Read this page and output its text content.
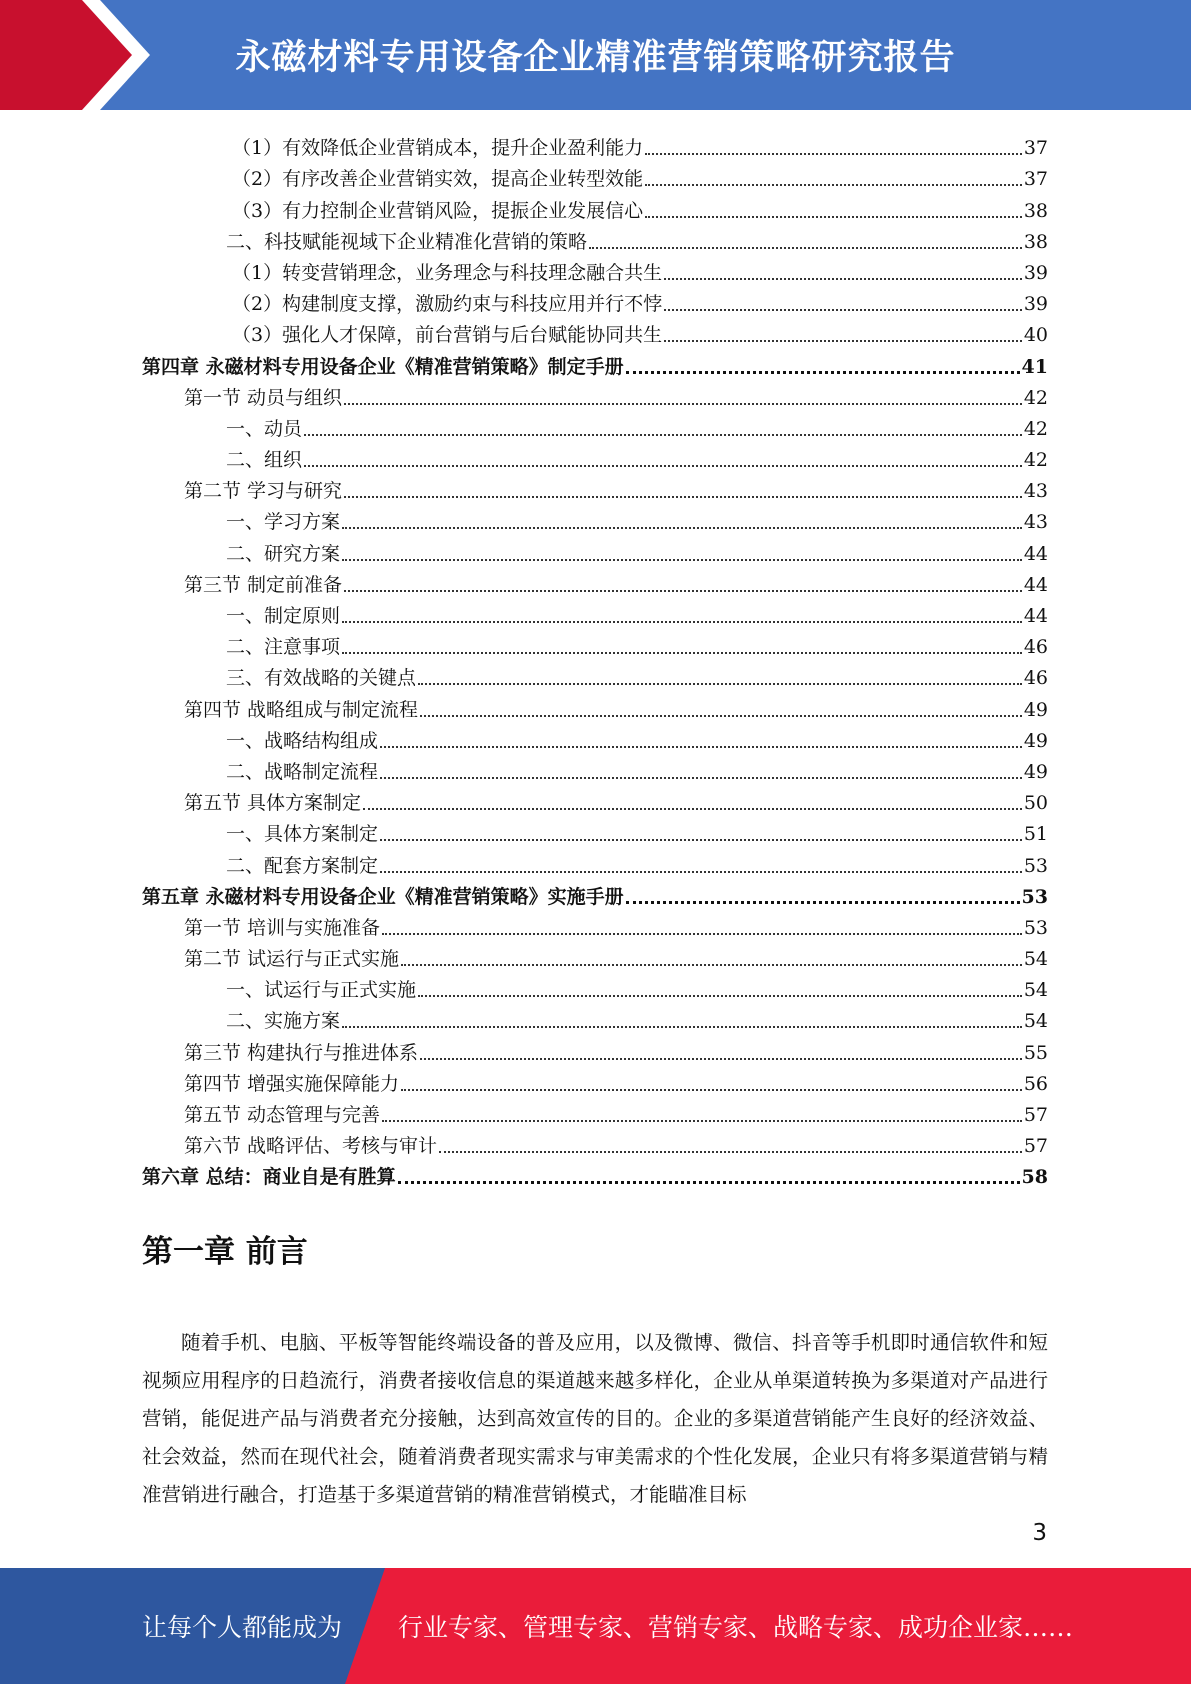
永磁材料专用设备企业精准营销策略研究报告
（1）有效降低企业营销成本，提升企业盈利能力	37
（2）有序改善企业营销实效，提高企业转型效能	37
（3）有力控制企业营销风险，提振企业发展信心	38
二、科技赋能视域下企业精准化营销的策略	38
（1）转变营销理念，业务理念与科技理念融合共生	39
（2）构建制度支撑，激励约束与科技应用并行不悖	39
（3）强化人才保障，前台营销与后台赋能协同共生	40
第四章 永磁材料专用设备企业《精准营销策略》制定手册	41
第一节 动员与组织	42
一、动员	42
二、组织	42
第二节 学习与研究	43
一、学习方案	43
二、研究方案	44
第三节 制定前准备	44
一、制定原则	44
二、注意事项	46
三、有效战略的关键点	46
第四节 战略组成与制定流程	49
一、战略结构组成	49
二、战略制定流程	49
第五节 具体方案制定	50
一、具体方案制定	51
二、配套方案制定	53
第五章 永磁材料专用设备企业《精准营销策略》实施手册	53
第一节 培训与实施准备	53
第二节 试运行与正式实施	54
一、试运行与正式实施	54
二、实施方案	54
第三节 构建执行与推进体系	55
第四节 增强实施保障能力	56
第五节 动态管理与完善	57
第六节 战略评估、考核与审计	57
第六章 总结：商业自是有胜算	58
第一章 前言
随着手机、电脑、平板等智能终端设备的普及应用，以及微博、微信、抖音等手机即时通信软件和短视频应用程序的日趋流行，消费者接收信息的渠道越来越多样化，企业从单渠道转换为多渠道对产品进行营销，能促进产品与消费者充分接触，达到高效宣传的目的。企业的多渠道营销能产生良好的经济效益、社会效益，然而在现代社会，随着消费者现实需求与审美需求的个性化发展，企业只有将多渠道营销与精准营销进行融合，打造基于多渠道营销的精准营销模式，才能瞄准目标
3
让每个人都能成为 行业专家、管理专家、营销专家、战略专家、成功企业家……
